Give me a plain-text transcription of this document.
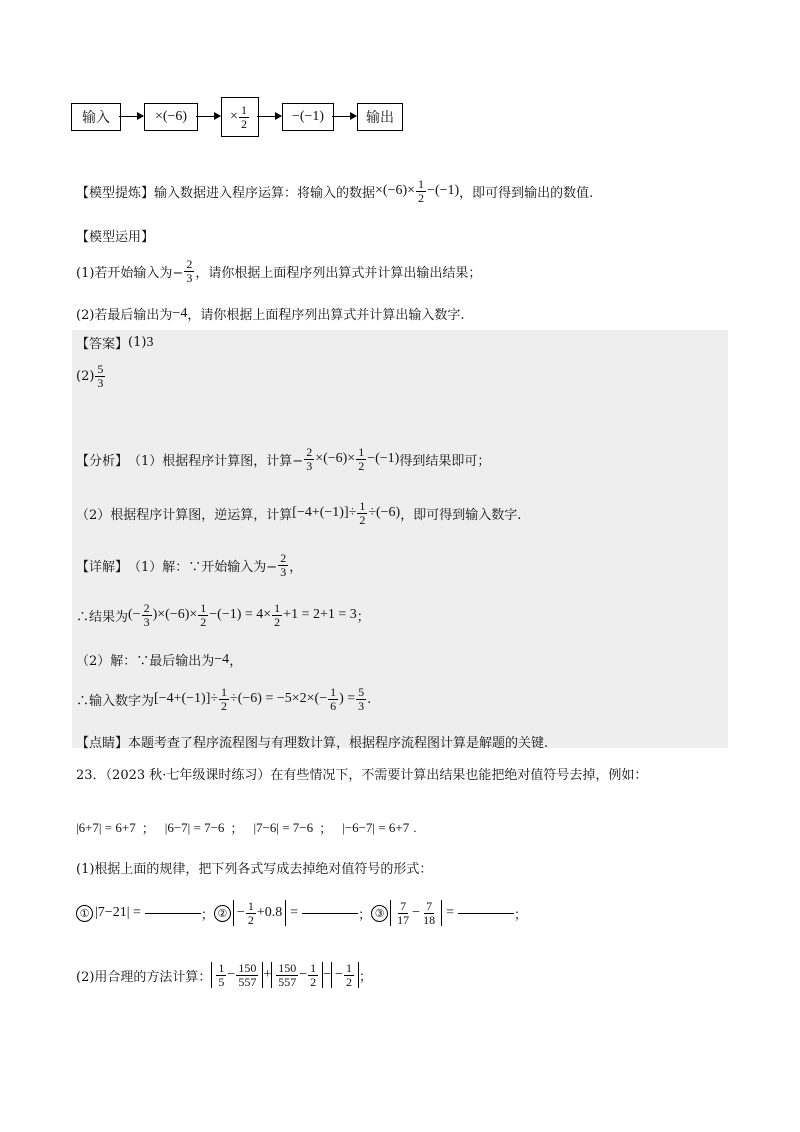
输入	×(−6)	× $\frac{1}{2}$	−(−1)	输出
【模型提炼】 输入数据进入程序运算：将输入的数据 $\times(-6)\times \frac{1}{2} -(-1)$ ，即可得到输出的数值.
【模型运用】
(1)若开始输入为− $\frac{2}{3}$ ，请你根据上面程序列出算式并计算出输出结果；
(2)若最后输出为 −4 ，请你根据上面程序列出算式并计算出输入数字.
【答案】 (1) 3
$(2) \frac{5}{3}$
【分析】 （1）根据程序计算图，计算− $\frac{2}{3} \times(-6)\times \frac{1}{2} -(-1)$ 得到结果即可；
（2）根据程序计算图，逆运算，计算 $[-4+(-1)]\div \frac{1}{2} \div(-6)$ ，即可得到输入数字.
【详解】 （1）解：∵开始输入为− $\frac{2}{3}$ ，
∴结果为 (− $\frac{2}{3} )\times(-6)\times \frac{1}{2} -(-1) = 4\times \frac{1}{2} +1 = 2+1 = 3$ ；
（2）解：∵最后输出为 −4 ，
∴输入数字为 $[-4+(-1)]\div \frac{1}{2} \div(-6) = -5\times 2\times$ (− $\frac{1}{6}$ ) = $\frac{5}{3}$ .
【点睛】 本题考查了程序流程图与有理数计算，根据程序流程图计算是解题的关键.
23．（2023 秋·七年级课时练习）在有些情况下，不需要计算出结果也能把绝对值符号去掉，例如：
|6+7| = 6+7 ； |6−7| = 7−6 ； |7−6| = 7−6 ； |−6−7| = 6+7 .
(1)根据上面的规律，把下列各式写成去掉绝对值符号的形式：
① |7−21| =	； ② − $\frac{1}{2} +0.8$ =	； ③ $\frac{7}{17} - \frac{7}{18}$ =	；
(2)用合理的方法计算： $\frac{1}{5} - \frac{150}{557} + \frac{150}{557} - \frac{1}{2}$ − − $\frac{1}{2}$ ；
